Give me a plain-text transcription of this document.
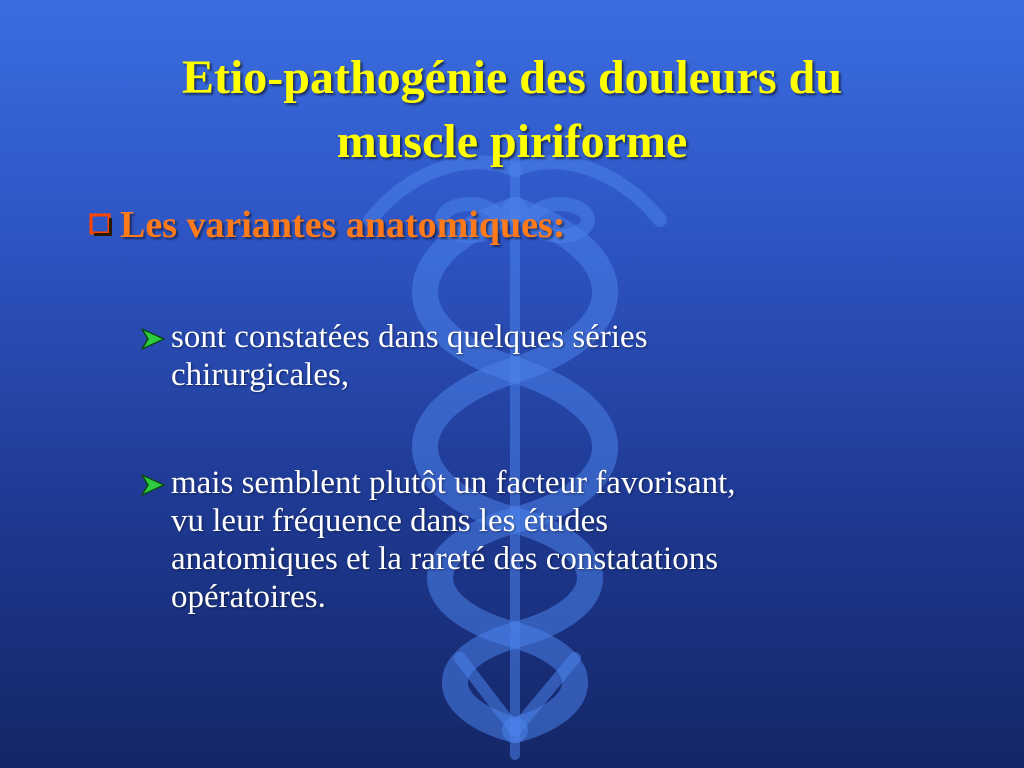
Etio-pathogénie des douleurs du
muscle piriforme
Les variantes anatomiques:
sont constatées dans quelques séries
chirurgicales,
mais semblent plutôt un facteur favorisant,
vu leur fréquence dans les études
anatomiques et la rareté des constatations
opératoires.
